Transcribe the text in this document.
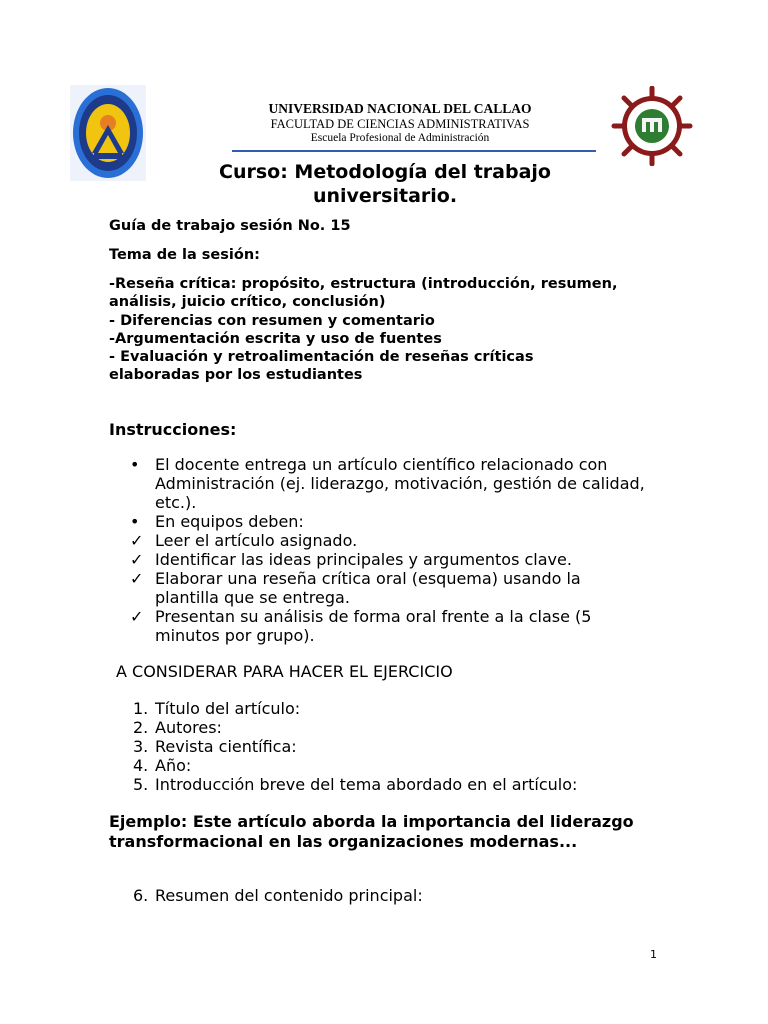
UNIVERSIDAD NACIONAL DEL CALLAO
FACULTAD DE CIENCIAS ADMINISTRATIVAS
Escuela Profesional de Administración
Curso: Metodología del trabajo universitario.
Guía de trabajo sesión No. 15
Tema de la sesión:
-Reseña crítica: propósito, estructura (introducción, resumen,
análisis, juicio crítico, conclusión)
- Diferencias con resumen y comentario
-Argumentación escrita y uso de fuentes
- Evaluación y retroalimentación de reseñas críticas
elaboradas por los estudiantes
Instrucciones:
• El docente entrega un artículo científico relacionado con Administración (ej. liderazgo, motivación, gestión de calidad, etc.).
• En equipos deben:
✓ Leer el artículo asignado.
✓ Identificar las ideas principales y argumentos clave.
✓ Elaborar una reseña crítica oral (esquema) usando la plantilla que se entrega.
✓ Presentan su análisis de forma oral frente a la clase (5 minutos por grupo).
A CONSIDERAR PARA HACER EL EJERCICIO
1. Título del artículo:
2. Autores:
3. Revista científica:
4. Año:
5. Introducción breve del tema abordado en el artículo:
Ejemplo: Este artículo aborda la importancia del liderazgo transformacional en las organizaciones modernas...
6. Resumen del contenido principal:
1
